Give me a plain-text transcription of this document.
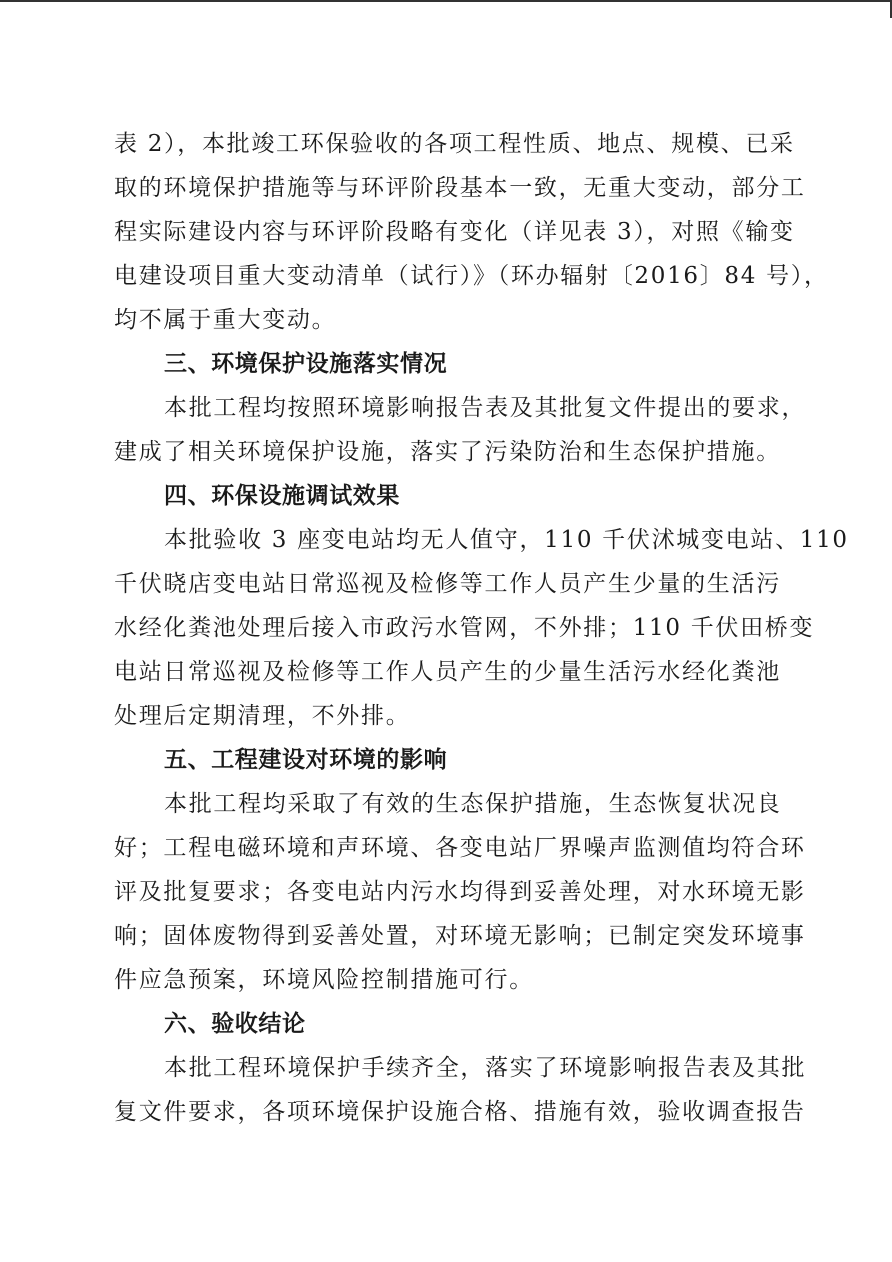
表 2），本批竣工环保验收的各项工程性质、地点、规模、已采
取的环境保护措施等与环评阶段基本一致，无重大变动，部分工
程实际建设内容与环评阶段略有变化（详见表 3），对照《输变
电建设项目重大变动清单（试行）》（环办辐射〔2016〕84 号），
均不属于重大变动。
三、环境保护设施落实情况
本批工程均按照环境影响报告表及其批复文件提出的要求，
建成了相关环境保护设施，落实了污染防治和生态保护措施。
四、环保设施调试效果
本批验收 3 座变电站均无人值守，110 千伏沭城变电站、110
千伏晓店变电站日常巡视及检修等工作人员产生少量的生活污
水经化粪池处理后接入市政污水管网，不外排；110 千伏田桥变
电站日常巡视及检修等工作人员产生的少量生活污水经化粪池
处理后定期清理，不外排。
五、工程建设对环境的影响
本批工程均采取了有效的生态保护措施，生态恢复状况良
好；工程电磁环境和声环境、各变电站厂界噪声监测值均符合环
评及批复要求；各变电站内污水均得到妥善处理，对水环境无影
响；固体废物得到妥善处置，对环境无影响；已制定突发环境事
件应急预案，环境风险控制措施可行。
六、验收结论
本批工程环境保护手续齐全，落实了环境影响报告表及其批
复文件要求，各项环境保护设施合格、措施有效，验收调查报告
